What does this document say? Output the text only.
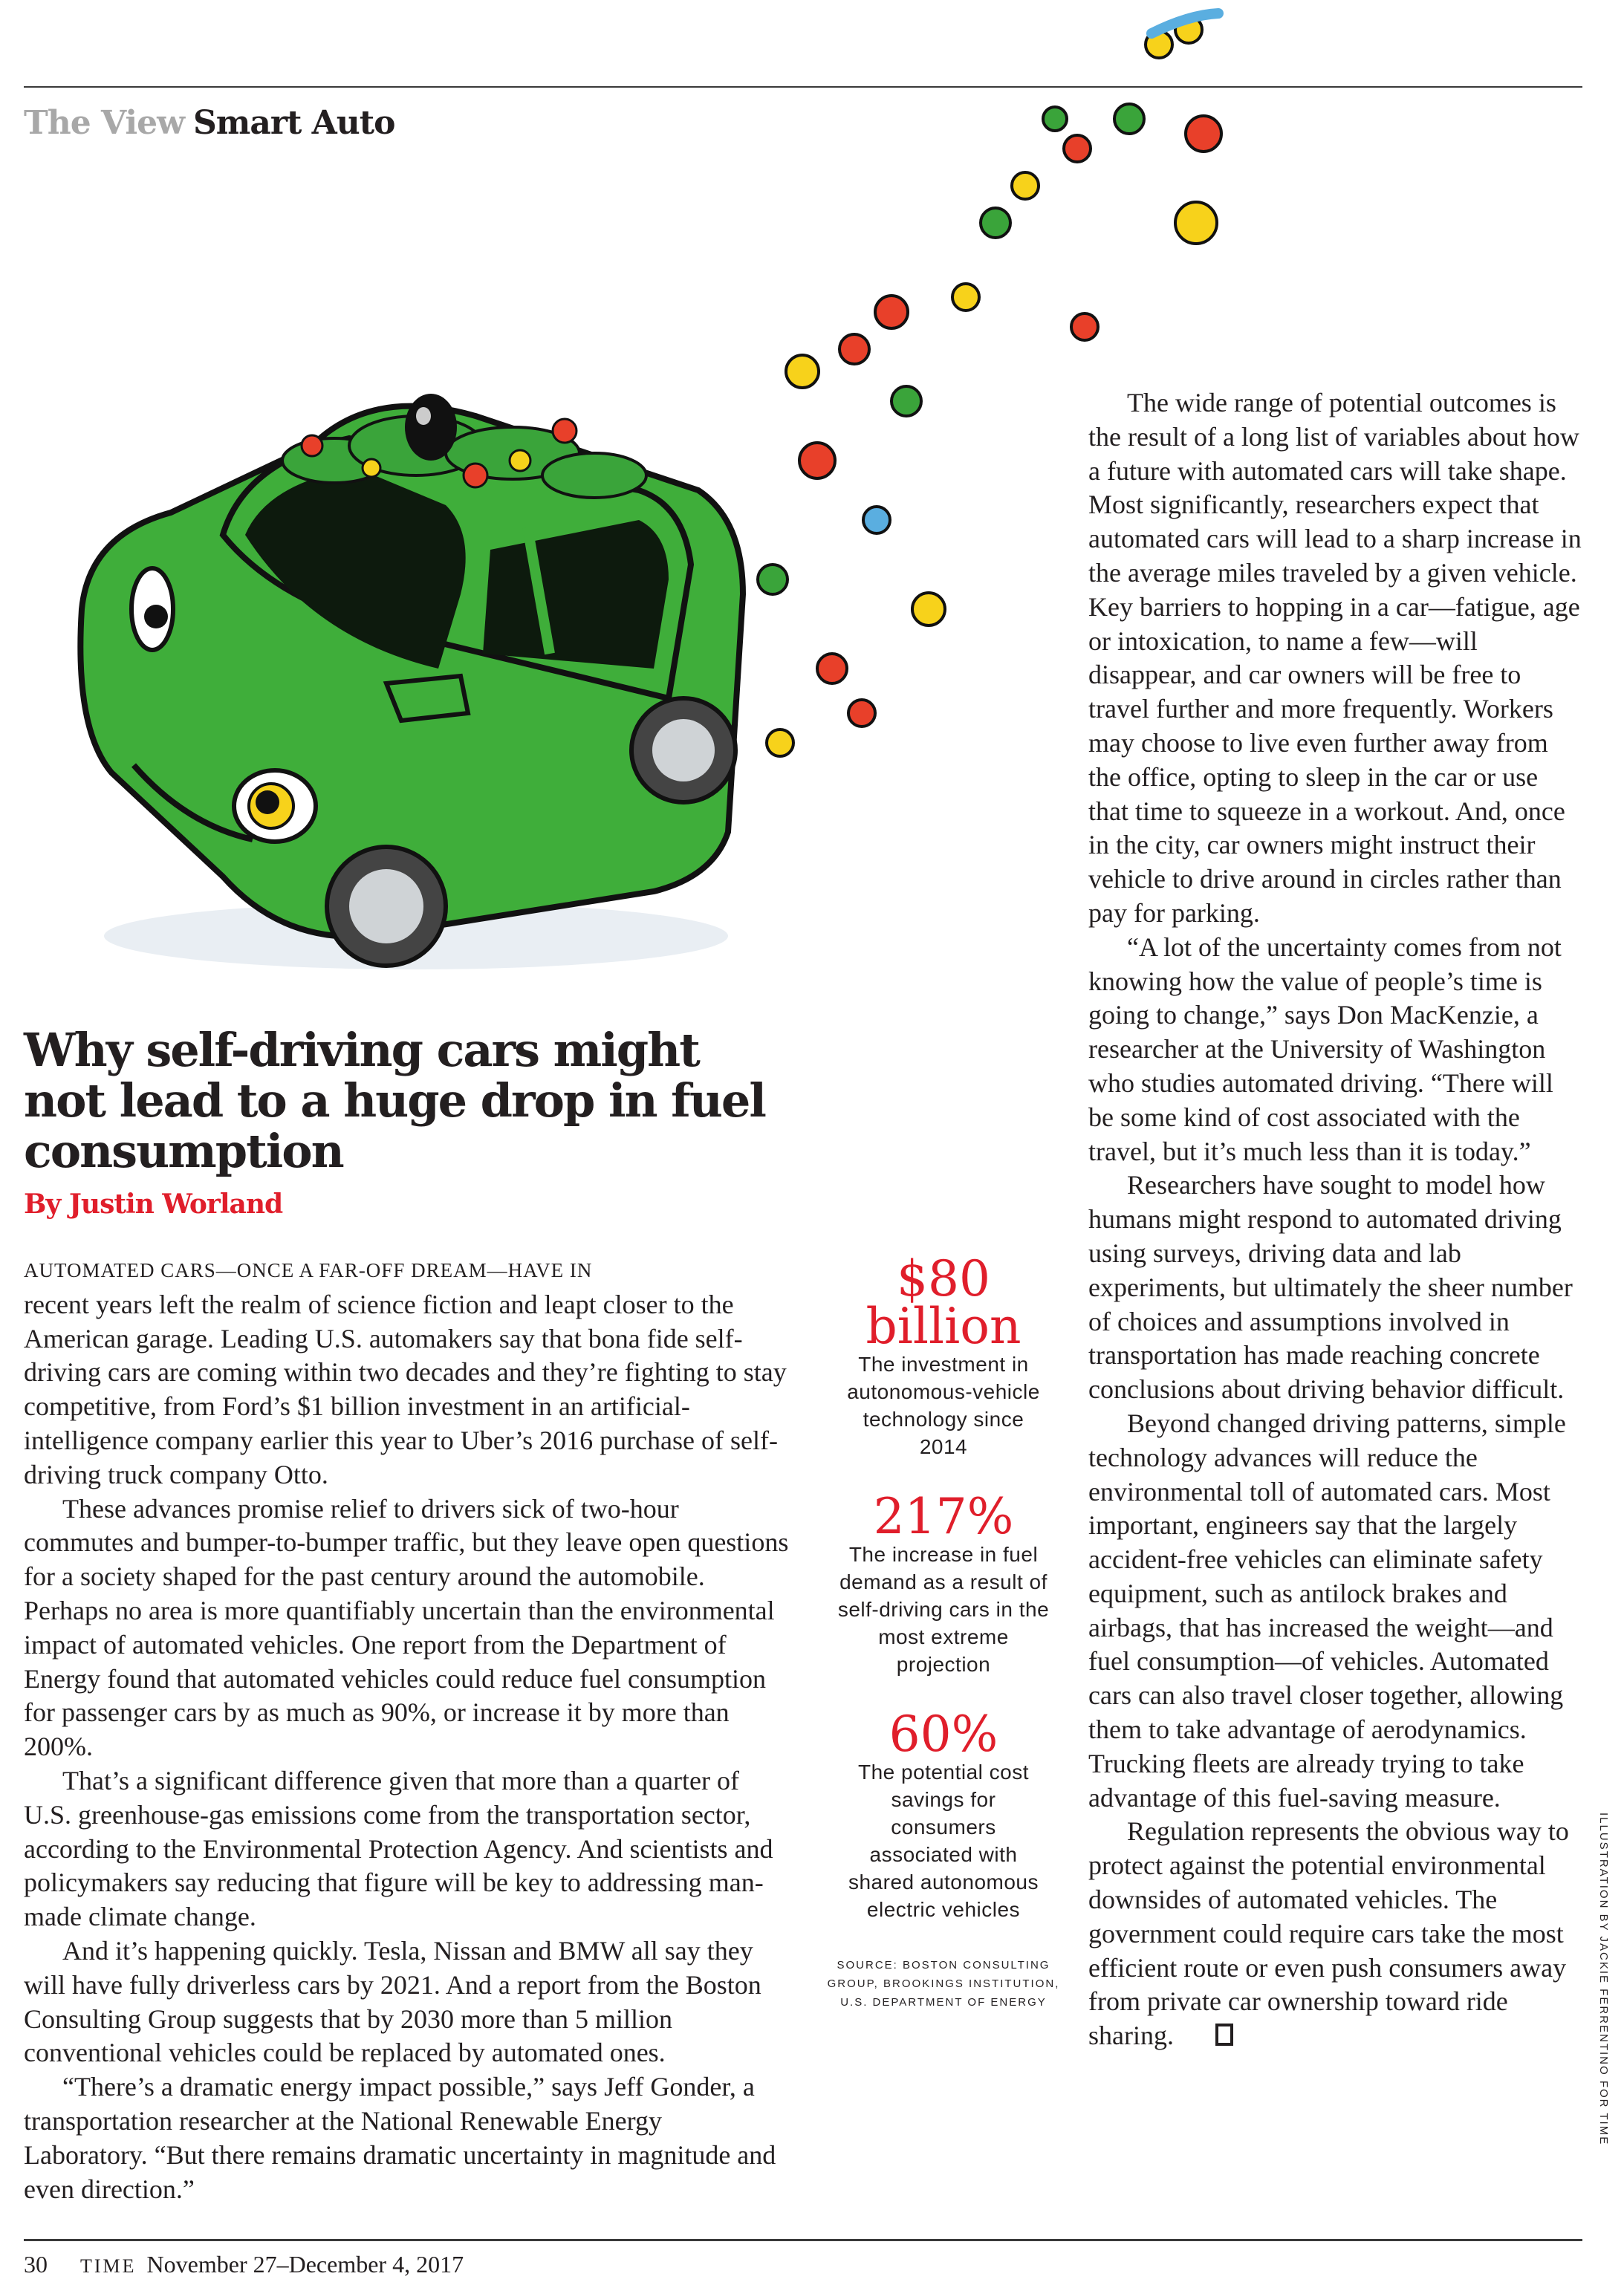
The View Smart Auto
Why self-driving cars might not lead to a huge drop in fuel consumption
By Justin Worland
AUTOMATED CARS—ONCE A FAR-OFF DREAM—HAVE IN

recent years left the realm of science fiction and leapt closer to the American garage. Leading U.S. automakers say that bona fide self-driving cars are coming within two decades and they’re fighting to stay competitive, from Ford’s $1 billion investment in an artificial-intelligence company earlier this year to Uber’s 2016 purchase of self-driving truck company Otto.

These advances promise relief to drivers sick of two-hour commutes and bumper-to-bumper traffic, but they leave open questions for a society shaped for the past century around the automobile. Perhaps no area is more quantifiably uncertain than the environmental impact of automated vehicles. One report from the Department of Energy found that automated vehicles could reduce fuel consumption for passenger cars by as much as 90%, or increase it by more than 200%.

That’s a significant difference given that more than a quarter of U.S. greenhouse-gas emissions come from the transportation sector, according to the Environmental Protection Agency. And scientists and policymakers say reducing that figure will be key to addressing man-made climate change.

And it’s happening quickly. Tesla, Nissan and BMW all say they will have fully driverless cars by 2021. And a report from the Boston Consulting Group suggests that by 2030 more than 5 million conventional vehicles could be replaced by automated ones.

“There’s a dramatic energy impact possible,” says Jeff Gonder, a transportation researcher at the National Renewable Energy Laboratory. “But there remains dramatic uncertainty in magnitude and even direction.”

$80 billion
The investment in autonomous-vehicle technology since 2014
217%
The increase in fuel demand as a result of self-driving cars in the most extreme projection
60%
The potential cost savings for consumers associated with shared autonomous electric vehicles
SOURCE: BOSTON CONSULTING GROUP, BROOKINGS INSTITUTION, U.S. DEPARTMENT OF ENERGY

The wide range of potential outcomes is the result of a long list of variables about how a future with automated cars will take shape. Most significantly, researchers expect that automated cars will lead to a sharp increase in the average miles traveled by a given vehicle. Key barriers to hopping in a car—fatigue, age or intoxication, to name a few—will disappear, and car owners will be free to travel further and more frequently. Workers may choose to live even further away from the office, opting to sleep in the car or use that time to squeeze in a workout. And, once in the city, car owners might instruct their vehicle to drive around in circles rather than pay for parking.

“A lot of the uncertainty comes from not knowing how the value of people’s time is going to change,” says Don MacKenzie, a researcher at the University of Washington who studies automated driving. “There will be some kind of cost associated with the travel, but it’s much less than it is today.”

Researchers have sought to model how humans might respond to automated driving using surveys, driving data and lab experiments, but ultimately the sheer number of choices and assumptions involved in transportation has made reaching concrete conclusions about driving behavior difficult.

Beyond changed driving patterns, simple technology advances will reduce the environmental toll of automated cars. Most important, engineers say that the largely accident-free vehicles can eliminate safety equipment, such as antilock brakes and airbags, that has increased the weight—and fuel consumption—of vehicles. Automated cars can also travel closer together, allowing them to take advantage of aerodynamics. Trucking fleets are already trying to take advantage of this fuel-saving measure.

Regulation represents the obvious way to protect against the potential environmental downsides of automated vehicles. The government could require cars take the most efficient route or even push consumers away from private car ownership toward ride sharing.	ILLUSTRATION BY JACKIE FERRENTINO FOR TIME
30 TIME November 27–December 4, 2017
